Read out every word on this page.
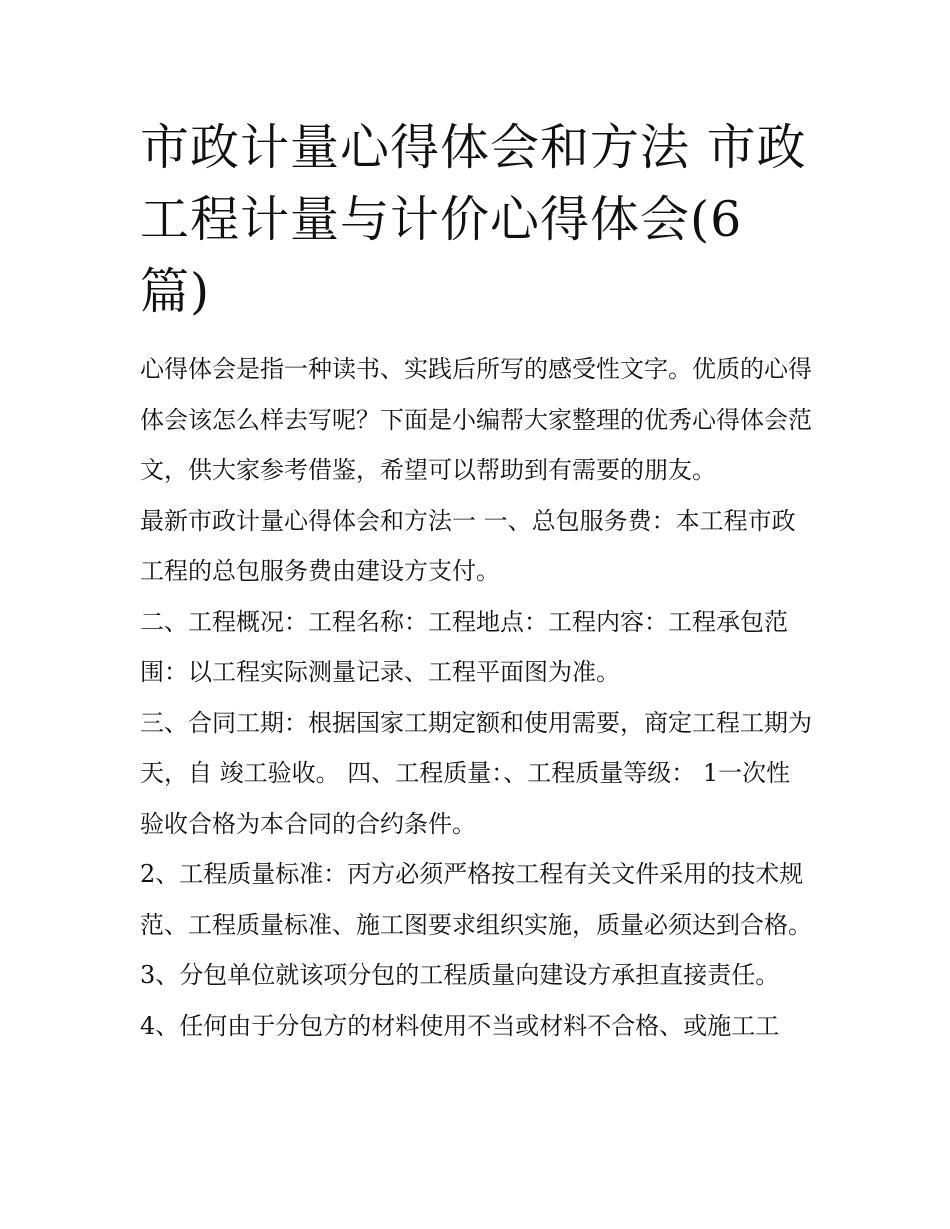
市政计量心得体会和方法 市政工程计量与计价心得体会(6篇)

心得体会是指一种读书、实践后所写的感受性文字。优质的心得体会该怎么样去写呢？下面是小编帮大家整理的优秀心得体会范文，供大家参考借鉴，希望可以帮助到有需要的朋友。

最新市政计量心得体会和方法一 一、总包服务费：本工程市政工程的总包服务费由建设方支付。

二、工程概况：工程名称：工程地点：工程内容：工程承包范围：以工程实际测量记录、工程平面图为准。

三、合同工期：根据国家工期定额和使用需要，商定工程工期为天，自 竣工验收。 四、工程质量：、工程质量等级： 1一次性验收合格为本合同的合约条件。

2、工程质量标准：丙方必须严格按工程有关文件采用的技术规范、工程质量标准、施工图要求组织实施，质量必须达到合格。

3、分包单位就该项分包的工程质量向建设方承担直接责任。

4、任何由于分包方的材料使用不当或材料不合格、或施工工
